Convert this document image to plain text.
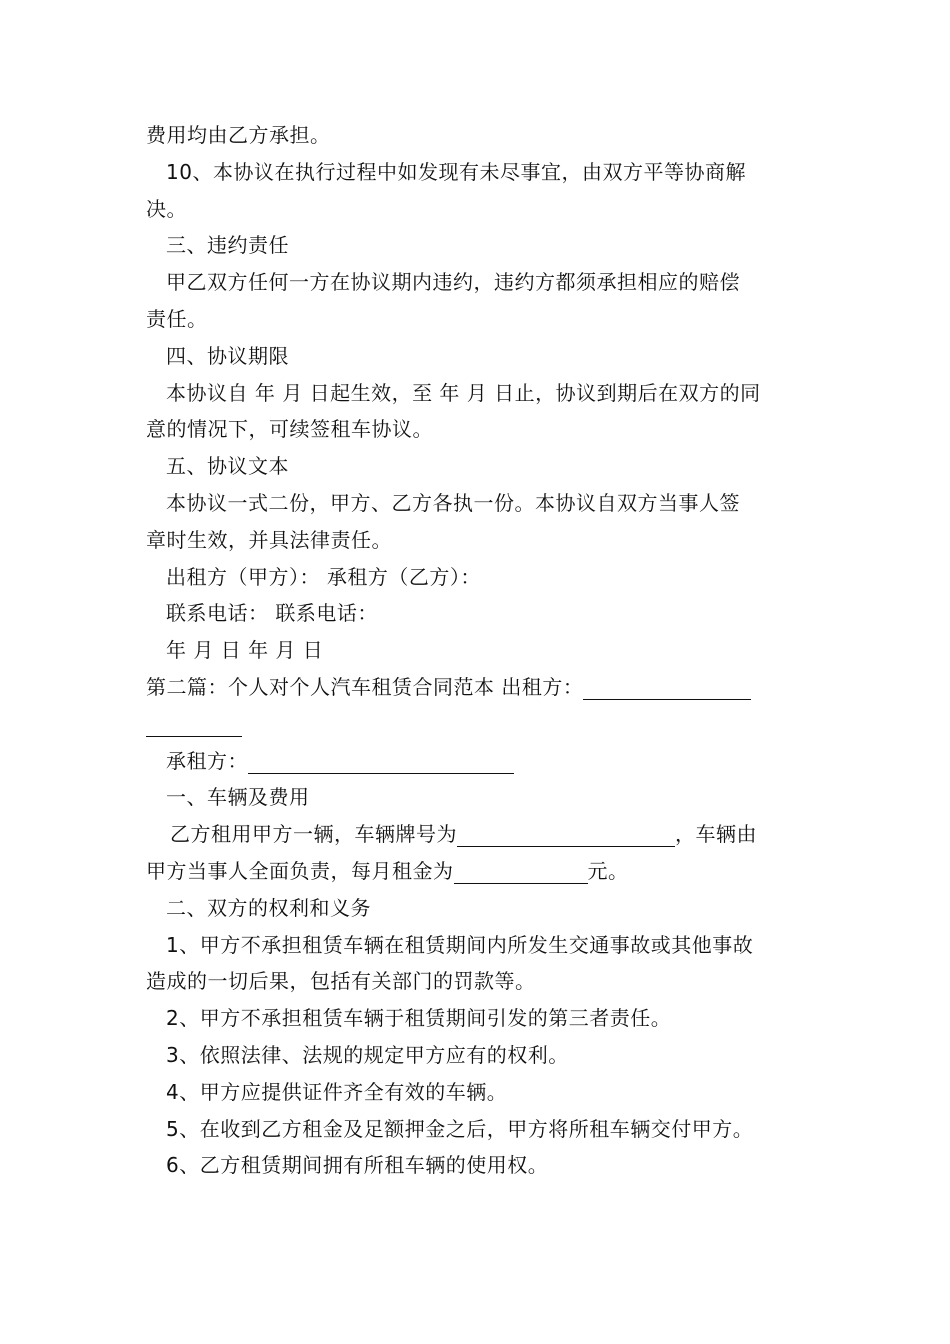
费用均由乙方承担。
10、本协议在执行过程中如发现有未尽事宜，由双方平等协商解
决。
三、违约责任
甲乙双方任何一方在协议期内违约，违约方都须承担相应的赔偿
责任。
四、协议期限
本协议自 年 月 日起生效，至 年 月 日止，协议到期后在双方的同
意的情况下，可续签租车协议。
五、协议文本
本协议一式二份，甲方、乙方各执一份。本协议自双方当事人签
章时生效，并具法律责任。
出租方（甲方）： 承租方（乙方）：
联系电话： 联系电话：
年 月 日 年 月 日
第二篇：个人对个人汽车租赁合同范本 出租方：
承租方：
一、车辆及费用
乙方租用甲方一辆，车辆牌号为	，车辆由
甲方当事人全面负责，每月租金为	元。
二、双方的权利和义务
1、甲方不承担租赁车辆在租赁期间内所发生交通事故或其他事故
造成的一切后果，包括有关部门的罚款等。
2、甲方不承担租赁车辆于租赁期间引发的第三者责任。
3、依照法律、法规的规定甲方应有的权利。
4、甲方应提供证件齐全有效的车辆。
5、在收到乙方租金及足额押金之后，甲方将所租车辆交付甲方。
6、乙方租赁期间拥有所租车辆的使用权。
